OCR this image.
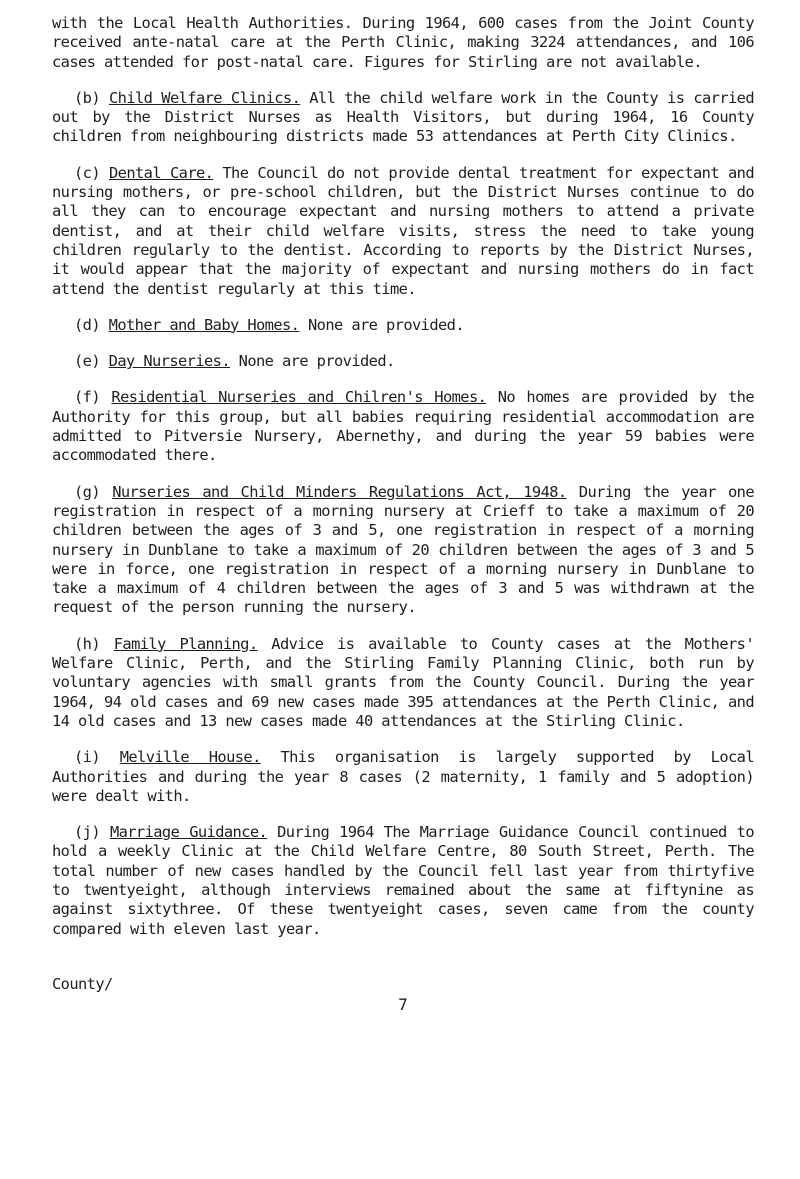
with the Local Health Authorities. During 1964, 600 cases from the Joint County received ante-natal care at the Perth Clinic, making 3224 attendances, and 106 cases attended for post-natal care. Figures for Stirling are not available.

(b) Child Welfare Clinics. All the child welfare work in the County is carried out by the District Nurses as Health Visitors, but during 1964, 16 County children from neighbouring districts made 53 attendances at Perth City Clinics.

(c) Dental Care. The Council do not provide dental treatment for expectant and nursing mothers, or pre-school children, but the District Nurses continue to do all they can to encourage expectant and nursing mothers to attend a private dentist, and at their child welfare visits, stress the need to take young children regularly to the dentist. According to reports by the District Nurses, it would appear that the majority of expectant and nursing mothers do in fact attend the dentist regularly at this time.

(d) Mother and Baby Homes. None are provided.

(e) Day Nurseries. None are provided.

(f) Residential Nurseries and Chilren's Homes. No homes are provided by the Authority for this group, but all babies requiring residential accommodation are admitted to Pitversie Nursery, Abernethy, and during the year 59 babies were accommodated there.

(g) Nurseries and Child Minders Regulations Act, 1948. During the year one registration in respect of a morning nursery at Crieff to take a maximum of 20 children between the ages of 3 and 5, one registration in respect of a morning nursery in Dunblane to take a maximum of 20 children between the ages of 3 and 5 were in force, one registration in respect of a morning nursery in Dunblane to take a maximum of 4 children between the ages of 3 and 5 was withdrawn at the request of the person running the nursery.

(h) Family Planning. Advice is available to County cases at the Mothers' Welfare Clinic, Perth, and the Stirling Family Planning Clinic, both run by voluntary agencies with small grants from the County Council. During the year 1964, 94 old cases and 69 new cases made 395 attendances at the Perth Clinic, and 14 old cases and 13 new cases made 40 attendances at the Stirling Clinic.

(i) Melville House. This organisation is largely supported by Local Authorities and during the year 8 cases (2 maternity, 1 family and 5 adoption) were dealt with.

(j) Marriage Guidance. During 1964 The Marriage Guidance Council continued to hold a weekly Clinic at the Child Welfare Centre, 80 South Street, Perth. The total number of new cases handled by the Council fell last year from thirtyfive to twentyeight, although interviews remained about the same at fiftynine as against sixtythree. Of these twentyeight cases, seven came from the county compared with eleven last year.

County/
7
